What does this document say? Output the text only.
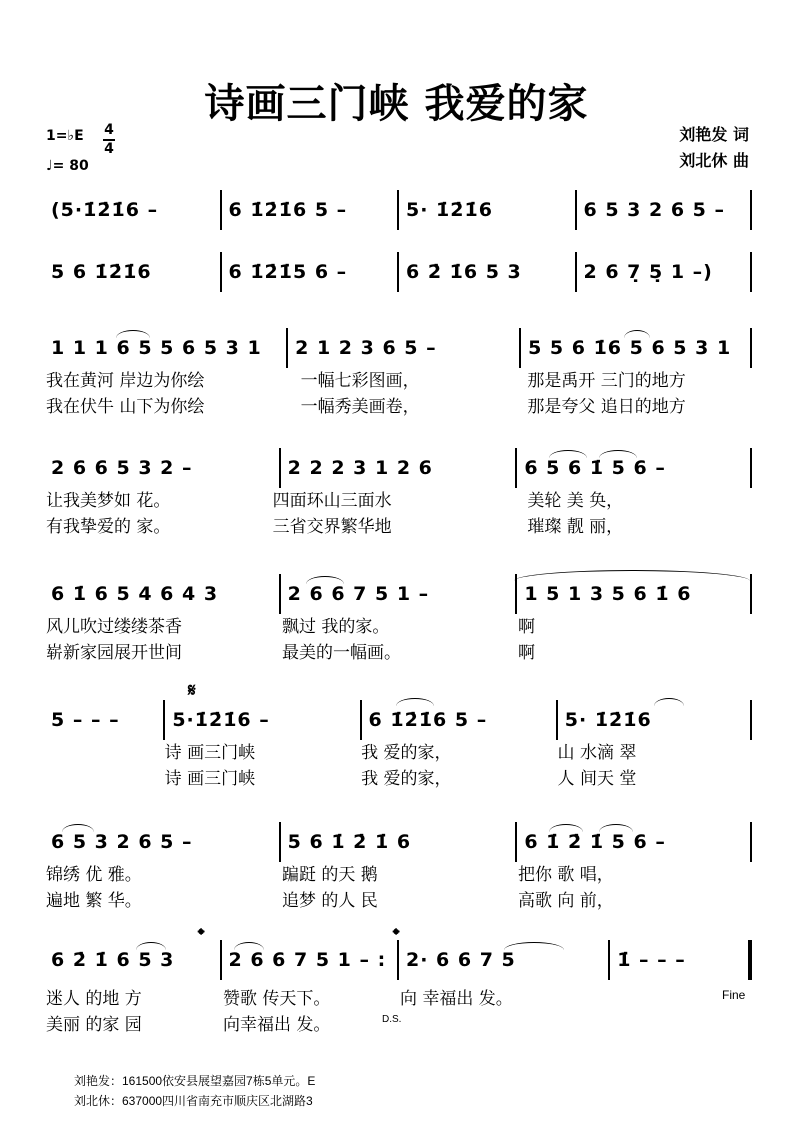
诗画三门峡 我爱的家
1=♭E 4
4
♩= 80
刘艳发 词
刘北休 曲
(5·1̇2̇1̇6 –	6 1̇2̇1̇6 5 –	5· 1̇2̇1̇6	6 5 3 2 6 5 –
5 6 1̇2̇1̇6	6 1̇2̇1̇5 6 –	6 2̇ 1̇6 5 3	2 6 7̣ 5̣ 1 –)
1 1 1 6 5 5 6 5 3 1	2 1 2 3 6 5 –	5 5 6 1̇6 5 6 5 3 1
我在黄河 岸边为你绘	一幅七彩图画，	那是禹开 三门的地方
我在伏牛 山下为你绘	一幅秀美画卷，	那是夸父 追日的地方
2 6 6 5 3 2 –	2 2 2 3 1 2 6	6 5 6 1̇ 5 6 –
让我美梦如 花。	四面环山三面水	美轮 美 奂，
有我挚爱的 家。	三省交界繁华地	璀璨 靓 丽，
6 1̇ 6 5 4 6 4 3	2 6 6 7 5 1 –	1 5 1 3 5 6 1̇ 6
风儿吹过缕缕茶香	飘过 我的家。	啊
崭新家园展开世间	最美的一幅画。	啊
5 – – –	5·1̇2̇1̇6 –	6 1̇2̇1̇6 5 –	5· 1̇2̇1̇6
诗 画三门峡	我 爱的家，	山 水滴 翠
诗 画三门峡	我 爱的家，	人 间天 堂
6 5 3 2 6 5 –	5 6 1̇ 2̇ 1̇ 6	6 1̇ 2̇ 1̇ 5 6 –
锦绣 优 雅。	蹁跹 的天 鹅	把你 歌 唱，
遍地 繁 华。	追梦 的人 民	高歌 向 前，
6 2̇ 1̇ 6 5 3	2 6 6 7 5 1 – :	2· 6 6 7 5	1̇ – – –
迷人 的地 方	赞歌 传天下。	向 幸福出 发。
美丽 的家 园	向幸福出 发。
𝄋
𝄌	𝄌
Fine
D.S.
刘艳发：161500依安县展望嘉园7栋5单元。E
刘北休：637000四川省南充市顺庆区北湖路3
